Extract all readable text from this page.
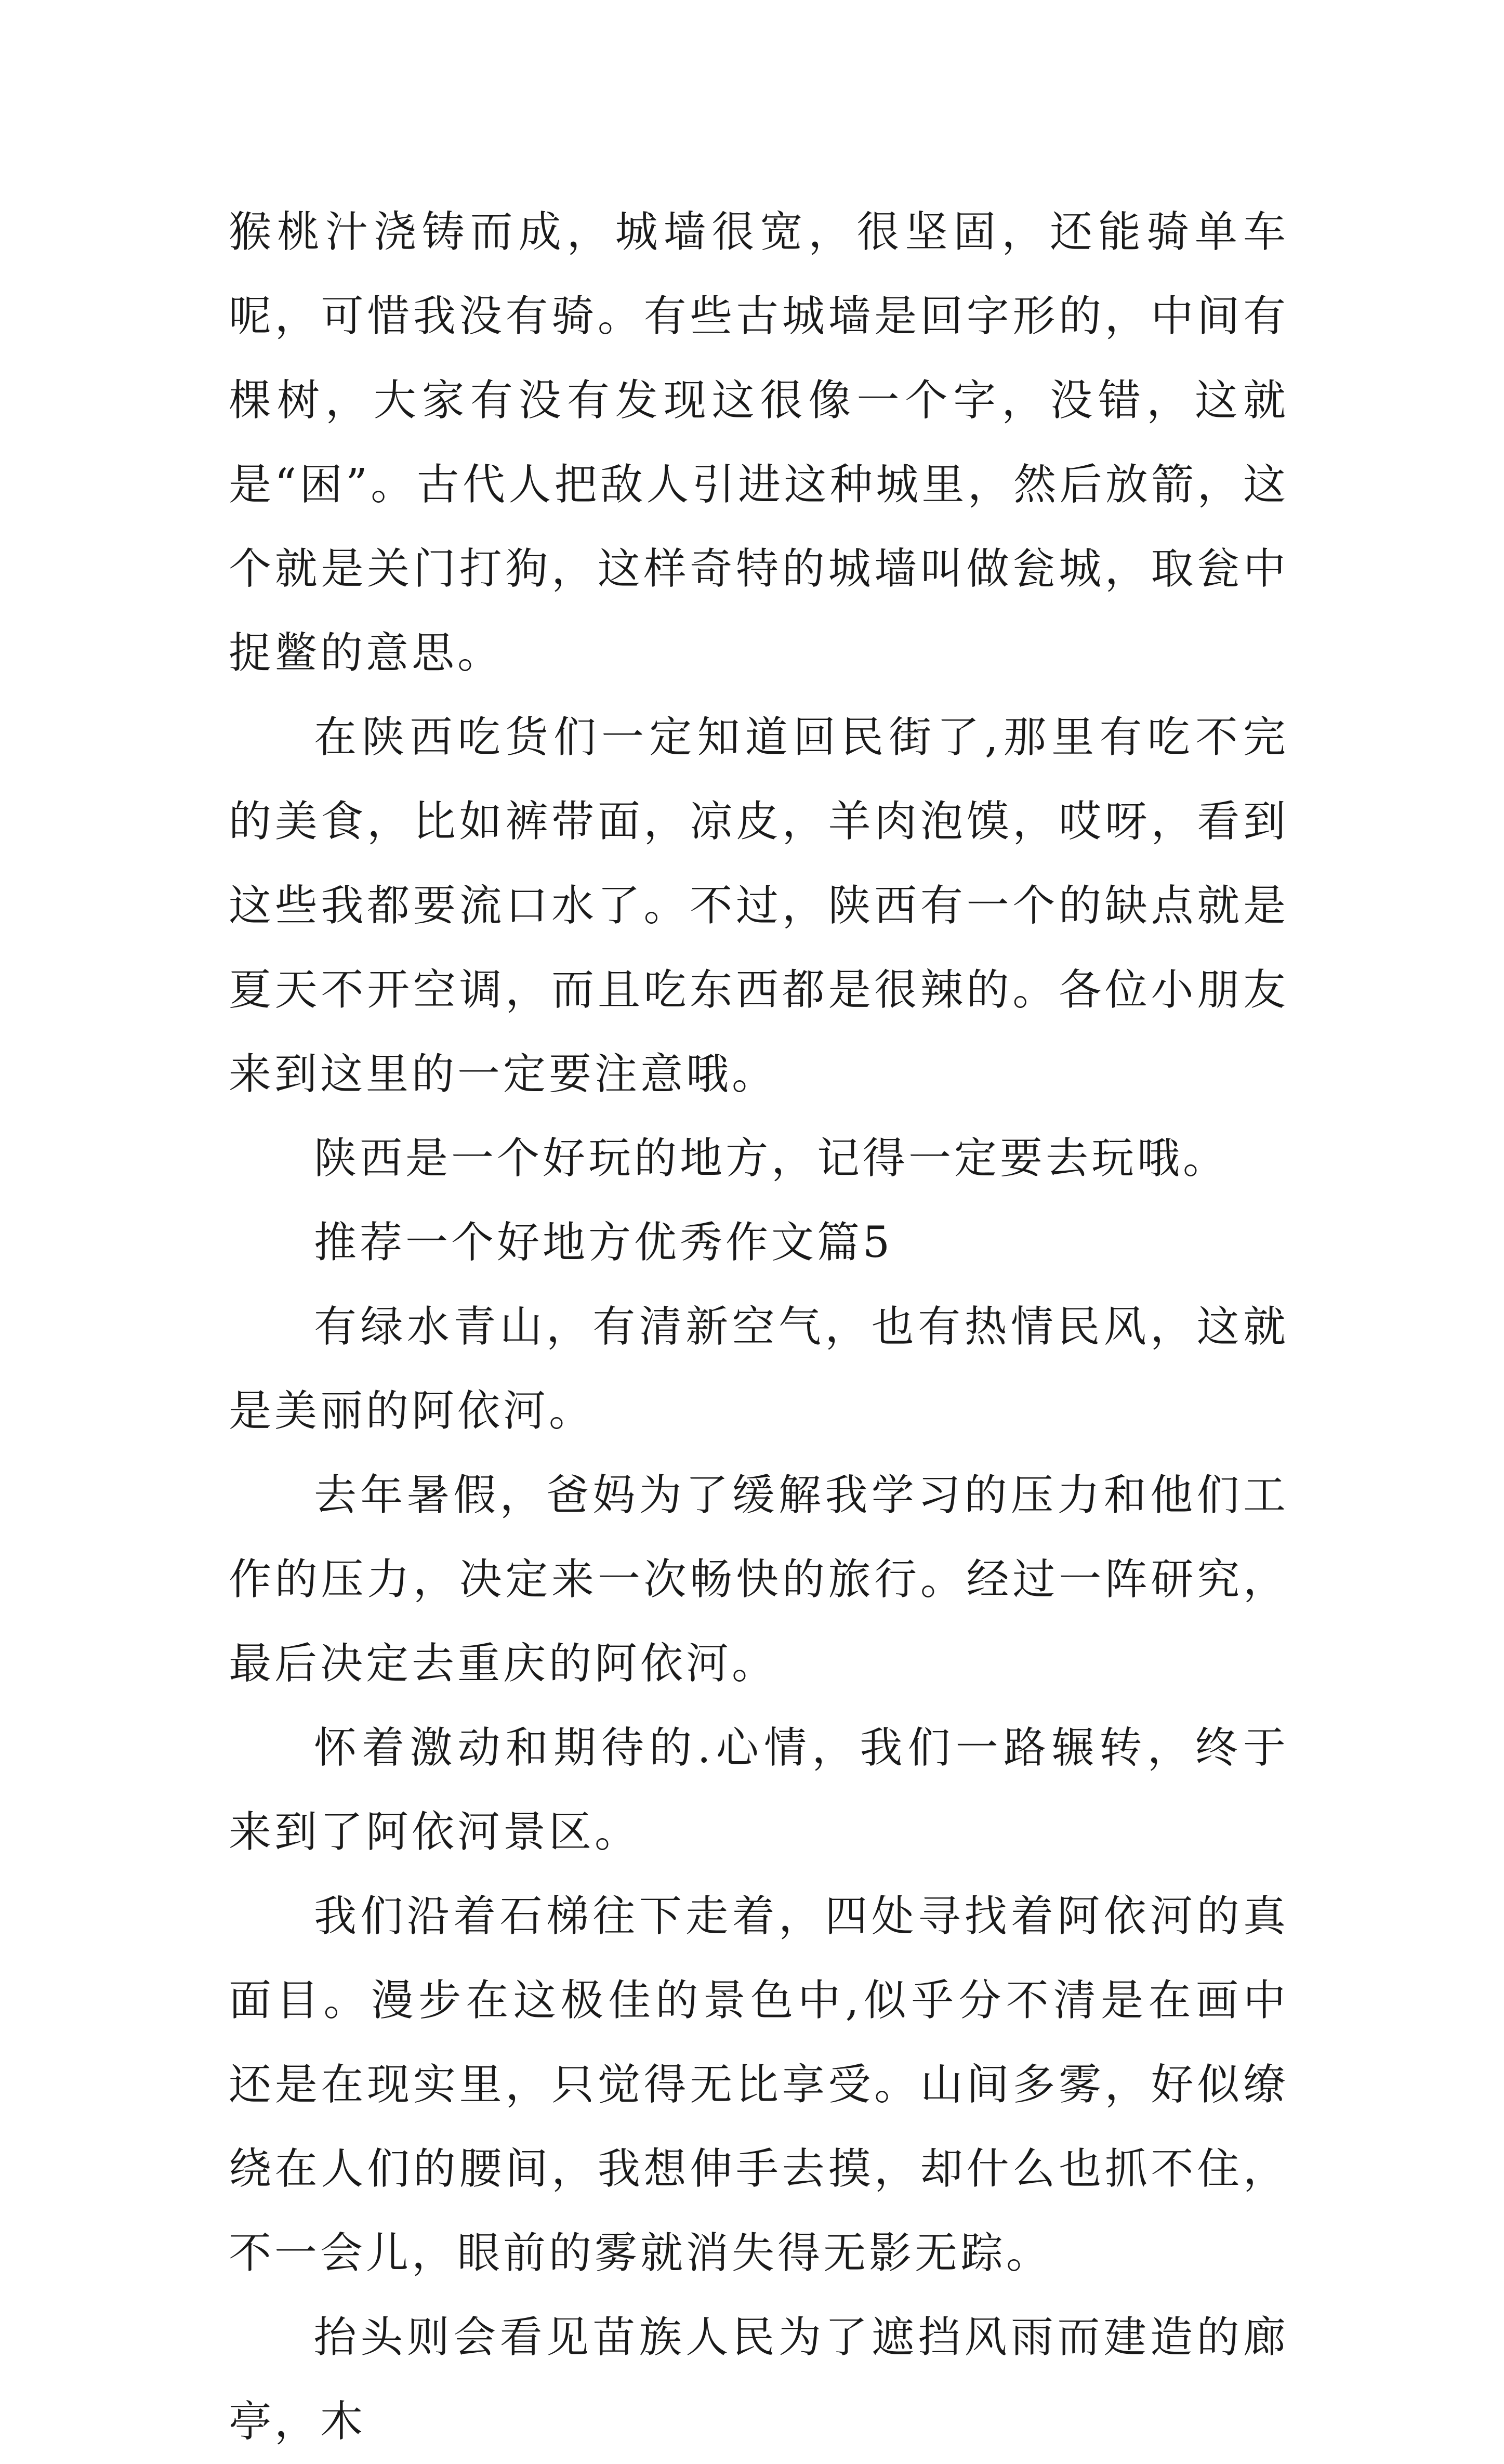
猴桃汁浇铸而成，城墙很宽，很坚固，还能骑单车呢，可惜我没有骑。有些古城墙是回字形的，中间有棵树，大家有没有发现这很像一个字，没错，这就是“困”。古代人把敌人引进这种城里，然后放箭，这个就是关门打狗，这样奇特的城墙叫做瓮城，取瓮中捉鳖的意思。

在陕西吃货们一定知道回民街了,那里有吃不完的美食，比如裤带面，凉皮，羊肉泡馍，哎呀，看到这些我都要流口水了。不过，陕西有一个的缺点就是夏天不开空调，而且吃东西都是很辣的。各位小朋友来到这里的一定要注意哦。

陕西是一个好玩的地方，记得一定要去玩哦。

推荐一个好地方优秀作文篇5

有绿水青山，有清新空气，也有热情民风，这就是美丽的阿依河。

去年暑假，爸妈为了缓解我学习的压力和他们工作的压力，决定来一次畅快的旅行。经过一阵研究，最后决定去重庆的阿依河。

怀着激动和期待的.心情，我们一路辗转，终于来到了阿依河景区。

我们沿着石梯往下走着，四处寻找着阿依河的真面目。漫步在这极佳的景色中,似乎分不清是在画中还是在现实里，只觉得无比享受。山间多雾，好似缭绕在人们的腰间，我想伸手去摸，却什么也抓不住，不一会儿，眼前的雾就消失得无影无踪。

抬头则会看见苗族人民为了遮挡风雨而建造的廊亭，木
